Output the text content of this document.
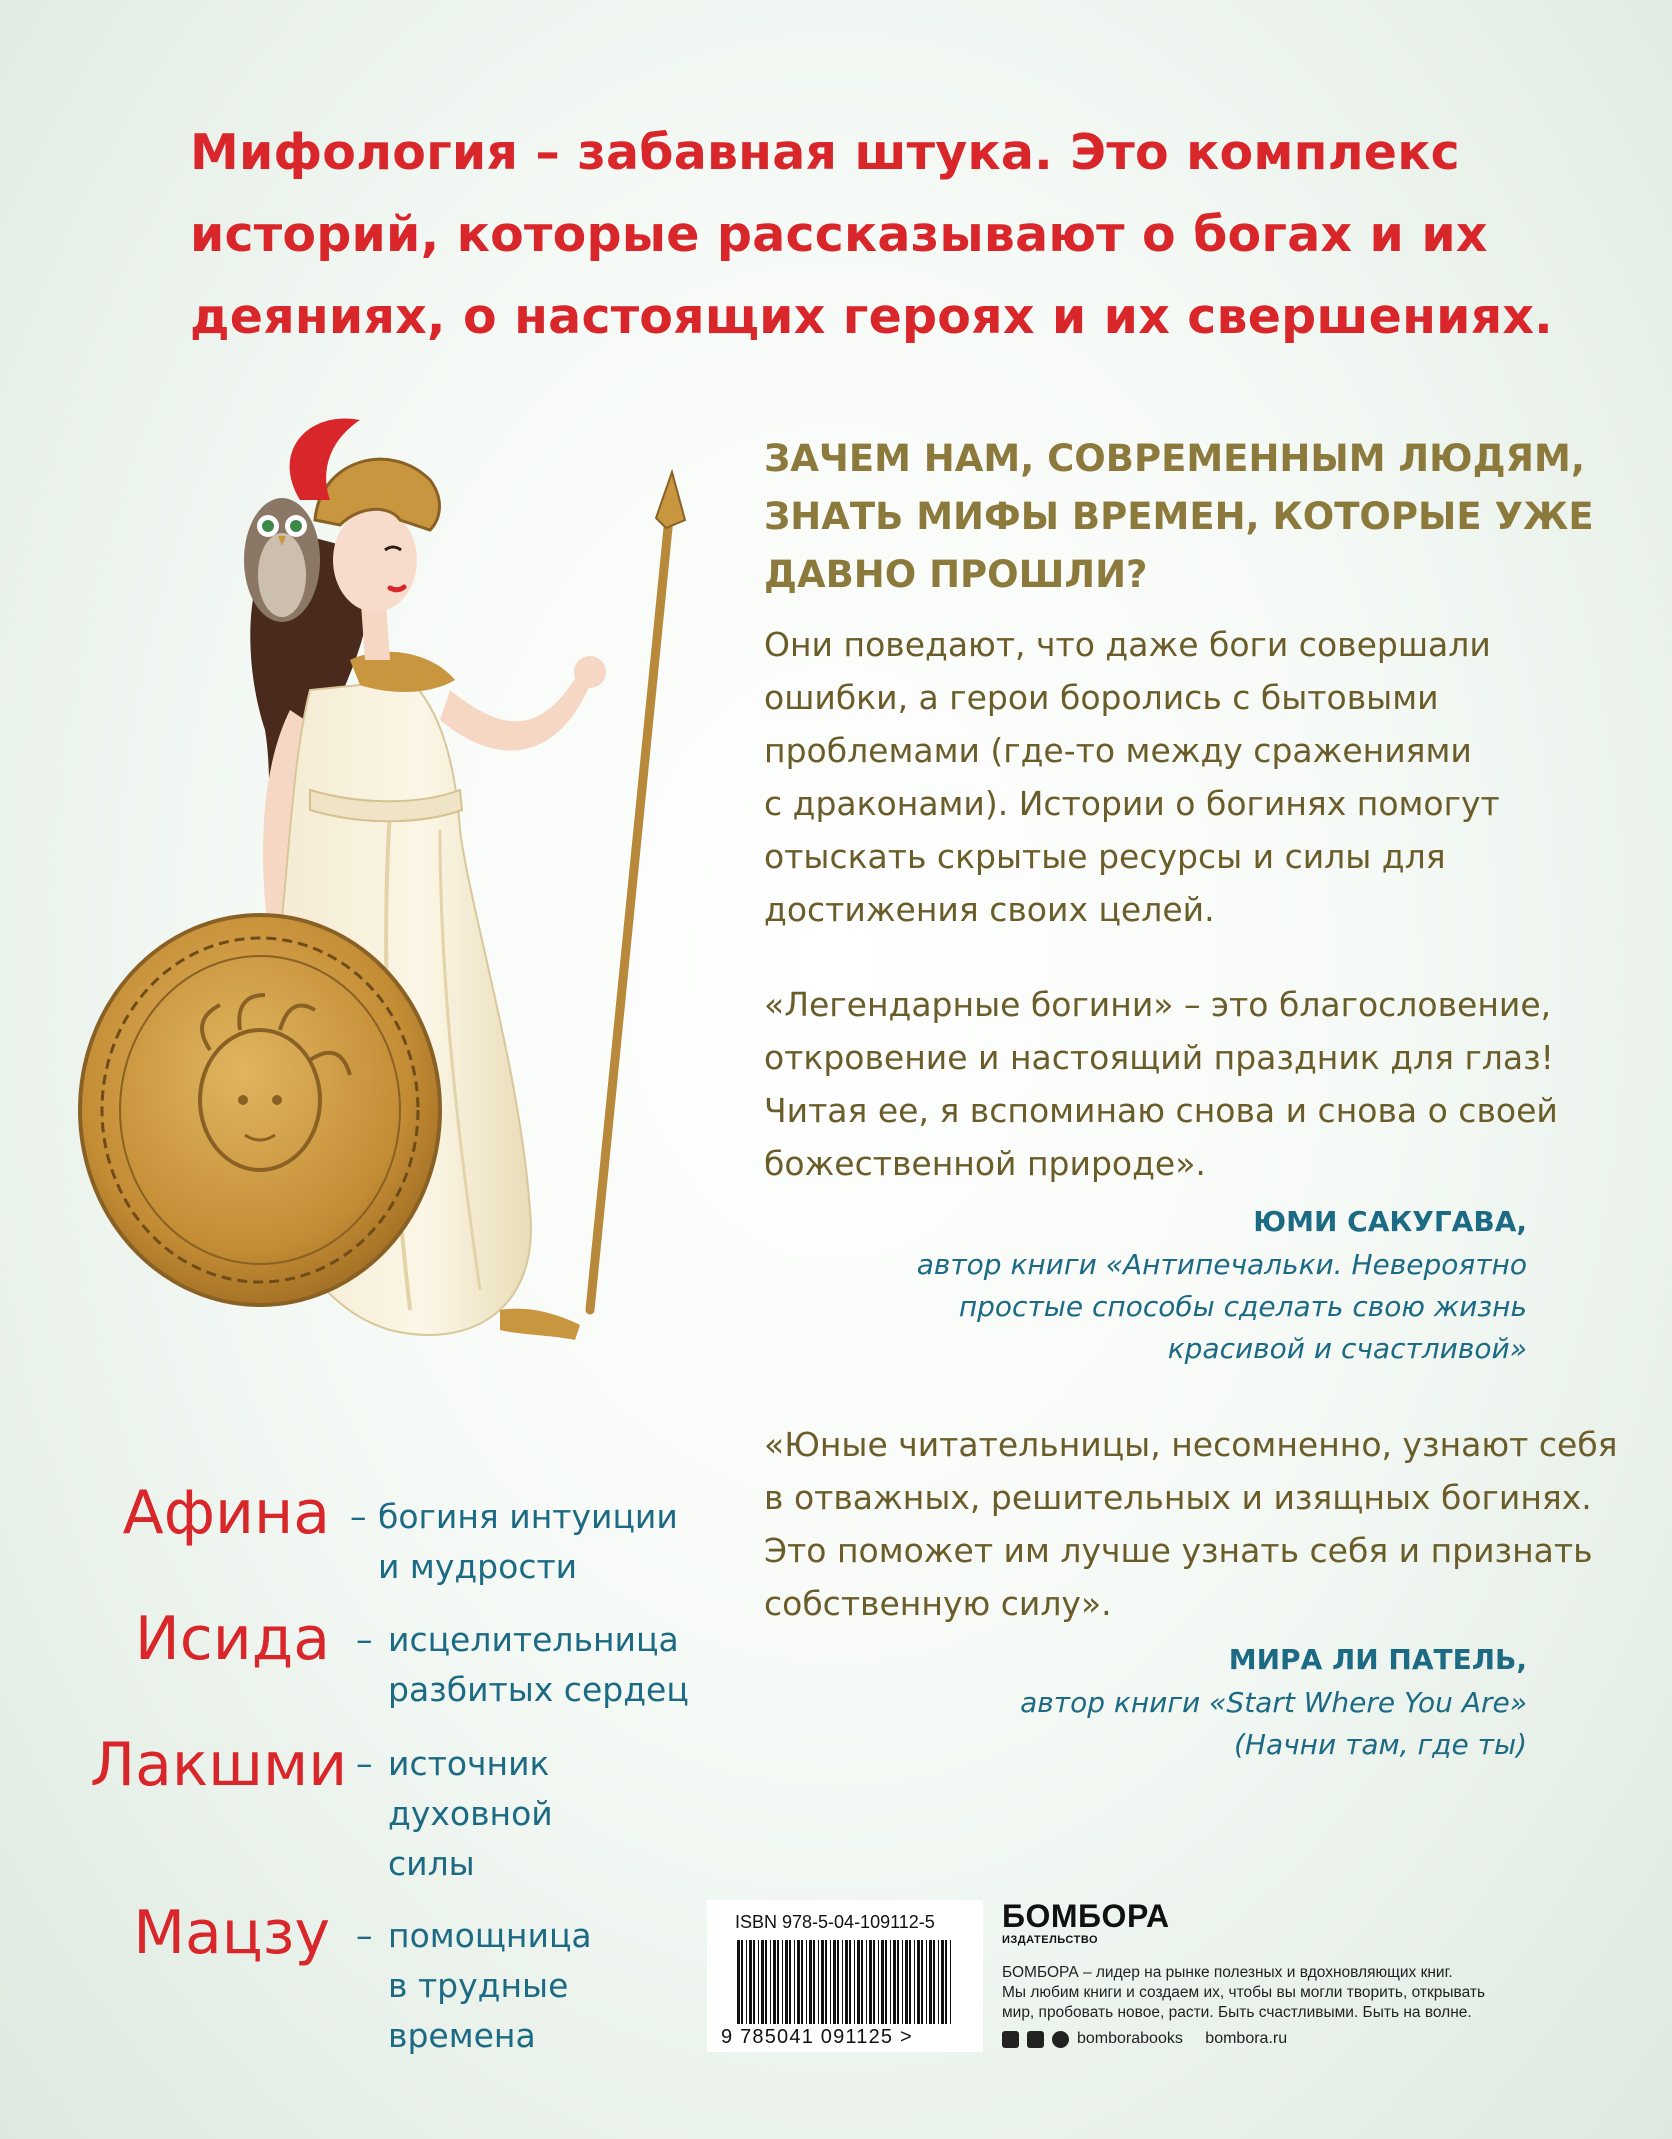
Мифология – забавная штука. Это комплекс
историй, которые рассказывают о богах и их
деяниях, о настоящих героях и их свершениях.
ЗАЧЕМ НАМ, СОВРЕМЕННЫМ ЛЮДЯМ,
ЗНАТЬ МИФЫ ВРЕМЕН, КОТОРЫЕ УЖЕ
ДАВНО ПРОШЛИ?
Они поведают, что даже боги совершали
ошибки, а герои боролись с бытовыми
проблемами (где-то между сражениями
с драконами). Истории о богинях помогут
отыскать скрытые ресурсы и силы для
достижения своих целей.
«Легендарные богини» – это благословение,
откровение и настоящий праздник для глаз!
Читая ее, я вспоминаю снова и снова о своей
божественной природе».
ЮМИ САКУГАВА,
автор книги «Антипечальки. Невероятно
простые способы сделать свою жизнь
красивой и счастливой»
«Юные читательницы, несомненно, узнают себя
в отважных, решительных и изящных богинях.
Это поможет им лучше узнать себя и признать
собственную силу».
МИРА ЛИ ПАТЕЛЬ,
автор книги «Start Where You Are»
(Начни там, где ты)
Афина – богиня интуиции
и мудрости
Исида – исцелительница
разбитых сердец
Лакшми – источник
духовной
силы
Мацзу – помощница
в трудные
времена
ISBN 978-5-04-109112-5
9 785041 091125 >
БОМБОРА
ИЗДАТЕЛЬСТВО
БОМБОРА – лидер на рынке полезных и вдохновляющих книг.
Мы любим книги и создаем их, чтобы вы могли творить, открывать
мир, пробовать новое, расти. Быть счастливыми. Быть на волне.
bomborabooks bombora.ru
